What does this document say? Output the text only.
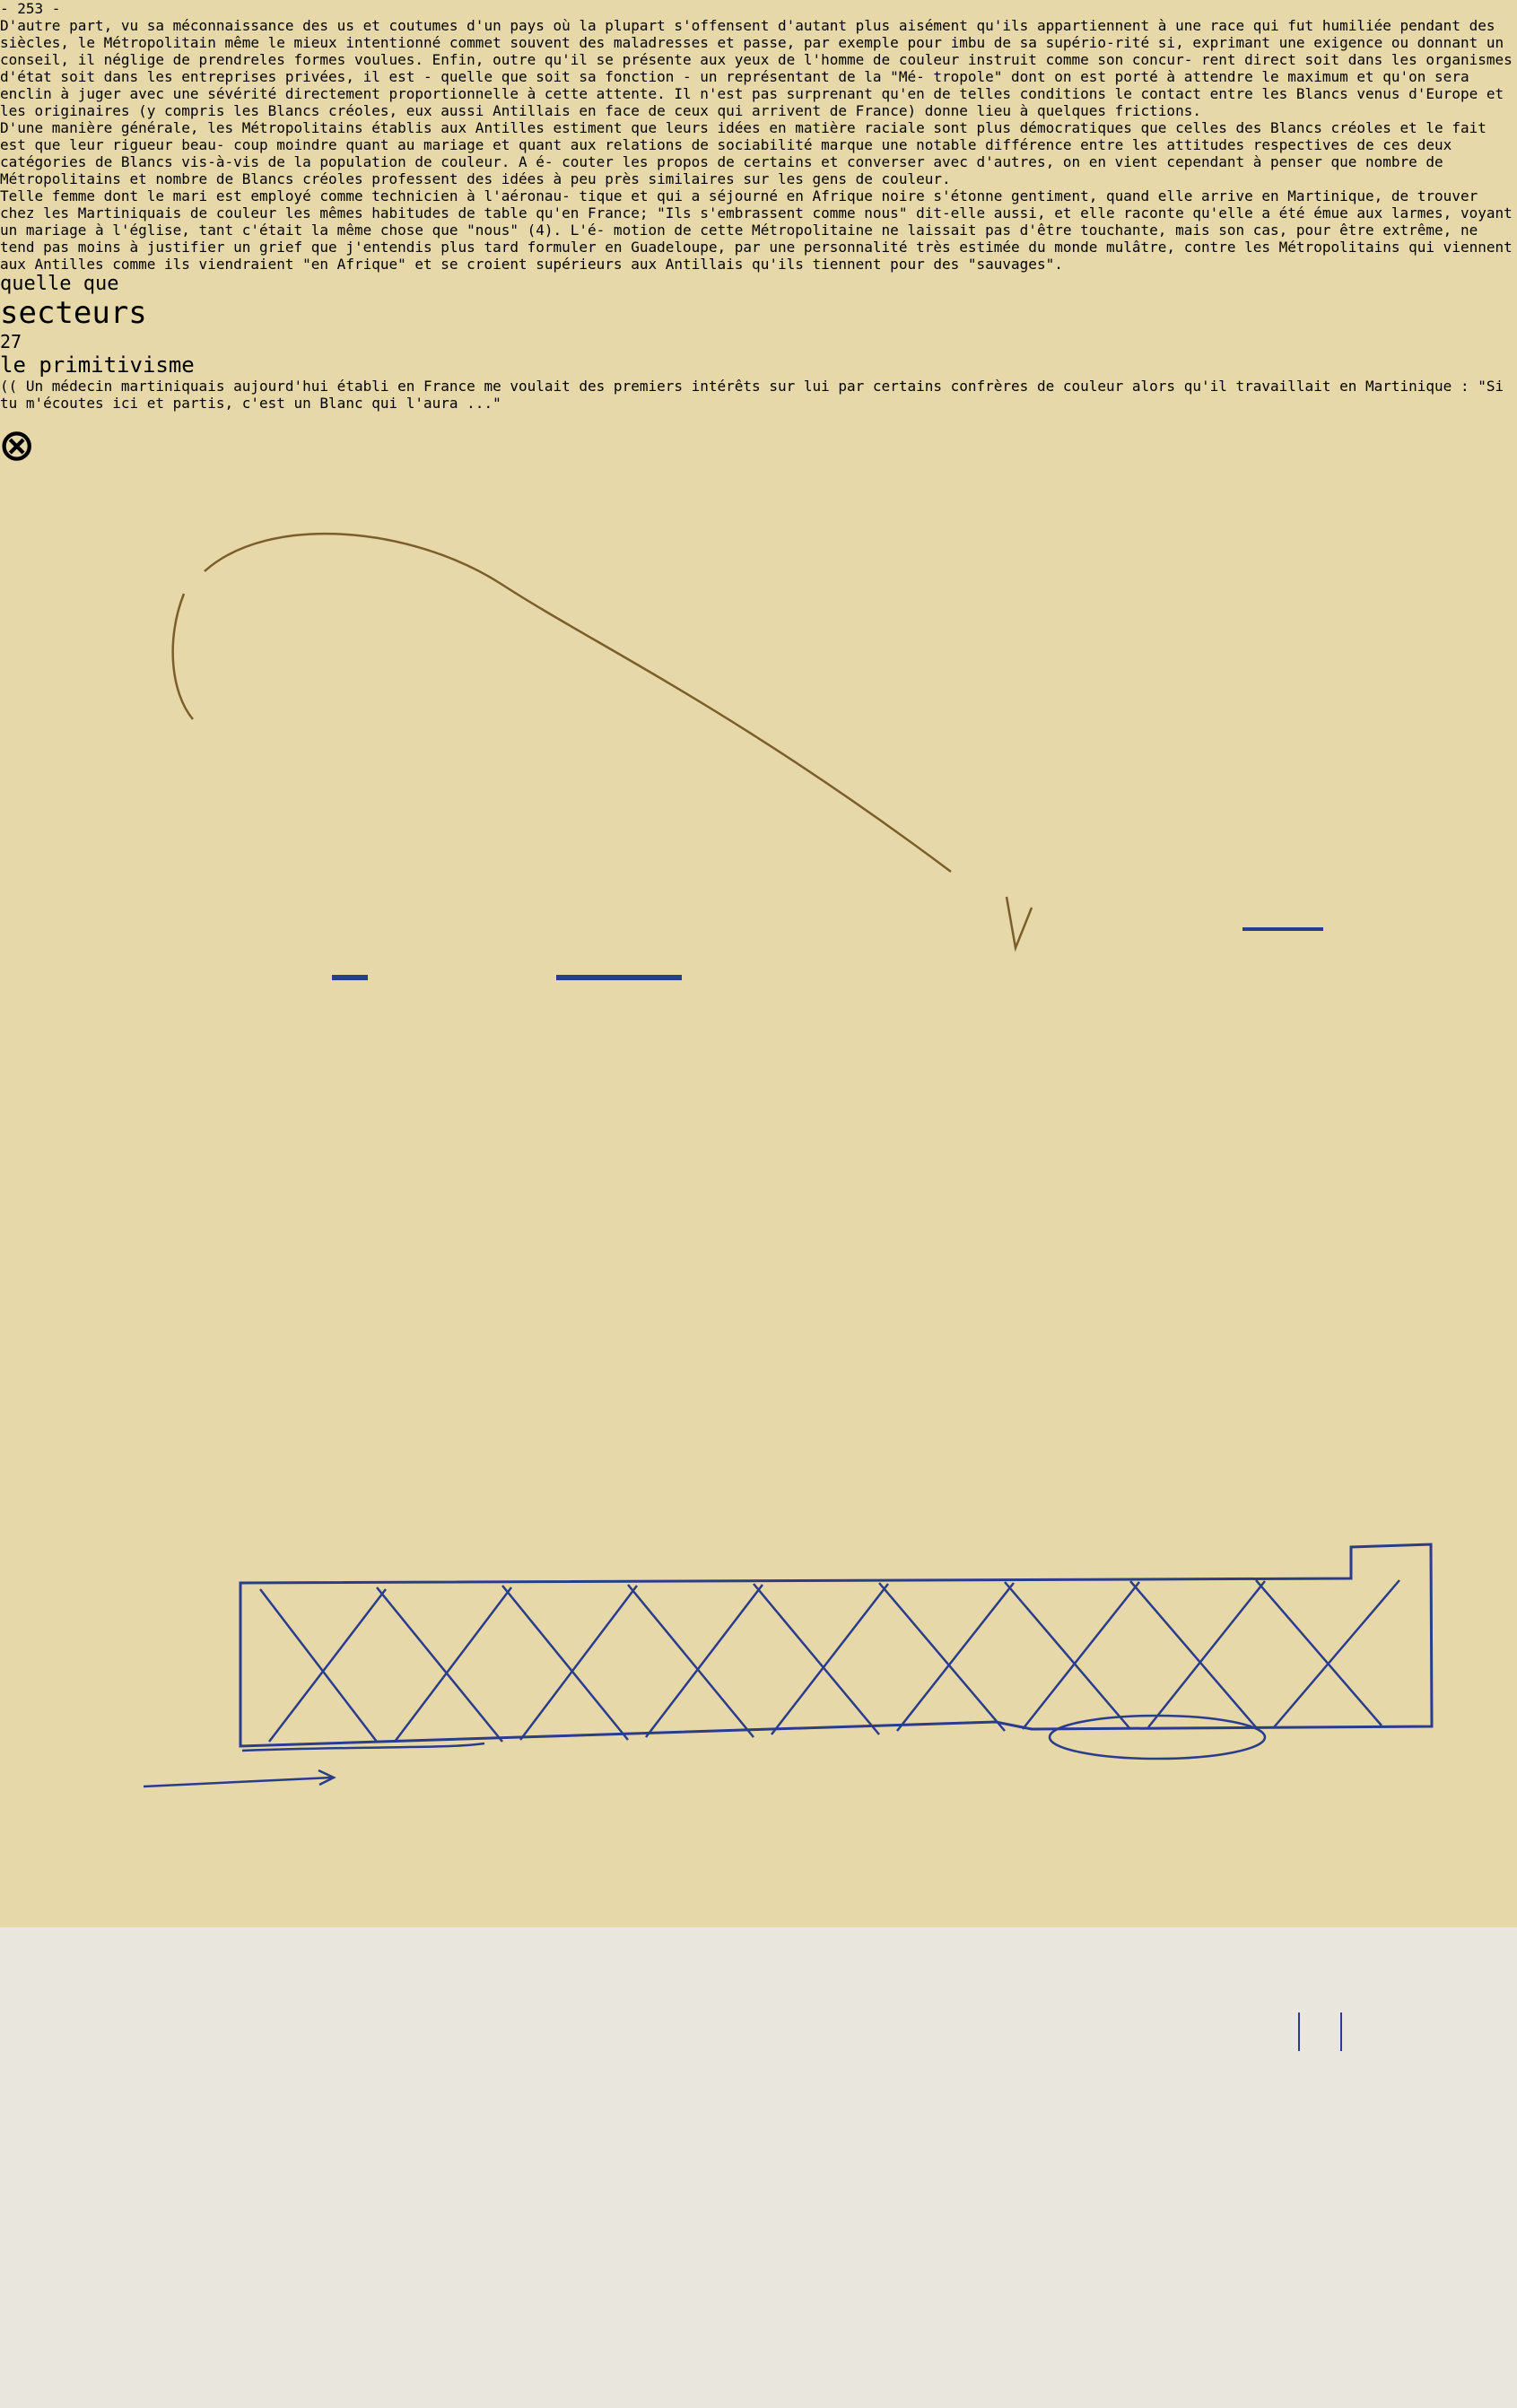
- 253 -
D'autre part, vu sa méconnaissance des us et coutumes d'un pays où la plupart s'offensent d'autant plus aisément qu'ils appartiennent à une race qui fut humiliée pendant des siècles, le Métropolitain même le mieux intentionné commet souvent des maladresses et passe, par exemple pour imbu de sa supério-rité si, exprimant une exigence ou donnant un conseil, il néglige de prendreles formes voulues. Enfin, outre qu'il se présente aux yeux de l'homme de couleur instruit comme son concur- rent direct soit dans les organismes d'état soit dans les entreprises privées, il est - quelle que soit sa fonction - un représentant de la "Mé- tropole" dont on est porté à attendre le maximum et qu'on sera enclin à juger avec une sévérité directement proportionnelle à cette attente. Il n'est pas surprenant qu'en de telles conditions le contact entre les Blancs venus d'Europe et les originaires (y compris les Blancs créoles, eux aussi Antillais en face de ceux qui arrivent de France) donne lieu à quelques frictions.
D'une manière générale, les Métropolitains établis aux Antilles estiment que leurs idées en matière raciale sont plus démocratiques que celles des Blancs créoles et le fait est que leur rigueur beau- coup moindre quant au mariage et quant aux relations de sociabilité marque une notable différence entre les attitudes respectives de ces deux catégories de Blancs vis-à-vis de la population de couleur. A é- couter les propos de certains et converser avec d'autres, on en vient cependant à penser que nombre de Métropolitains et nombre de Blancs créoles professent des idées à peu près similaires sur les gens de couleur.
Telle femme dont le mari est employé comme technicien à l'aéronau- tique et qui a séjourné en Afrique noire s'étonne gentiment, quand elle arrive en Martinique, de trouver chez les Martiniquais de couleur les mêmes habitudes de table qu'en France; "Ils s'embrassent comme nous" dit-elle aussi, et elle raconte qu'elle a été émue aux larmes, voyant un mariage à l'église, tant c'était la même chose que "nous" (4). L'é- motion de cette Métropolitaine ne laissait pas d'être touchante, mais son cas, pour être extrême, ne tend pas moins à justifier un grief que j'entendis plus tard formuler en Guadeloupe, par une personnalité très estimée du monde mulâtre, contre les Métropolitains qui viennent aux Antilles comme ils viendraient "en Afrique" et se croient supérieurs aux Antillais qu'ils tiennent pour des "sauvages".
quelle que
secteurs
27
le primitivisme
(( Un médecin martiniquais aujourd'hui établi en France me voulait des premiers intérêts sur lui par certains confrères de couleur alors qu'il travaillait en Martinique : "Si tu m'écoutes ici et partis, c'est un Blanc qui l'aura ..."
⊗
